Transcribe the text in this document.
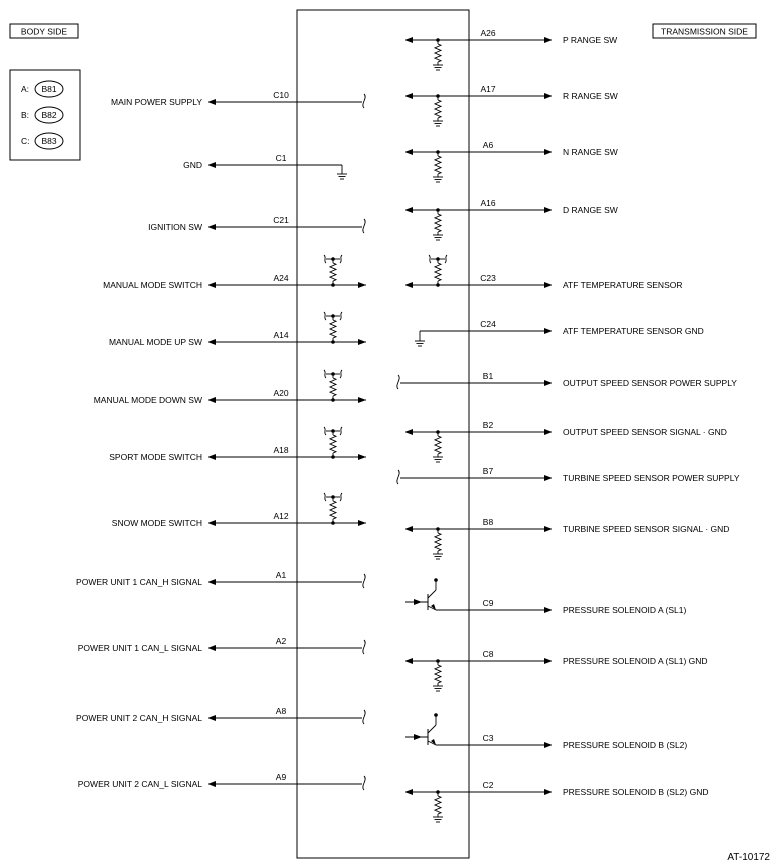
BODY SIDE	TRANSMISSION SIDE
A: B81
B: B82
C: B83
MAIN POWER SUPPLY
C10
GND
C1
IGNITION SW
C21
MANUAL MODE SWITCH
A24
MANUAL MODE UP SW
A14
MANUAL MODE DOWN SW
A20
SPORT MODE SWITCH
A18
SNOW MODE SWITCH
A12
POWER UNIT 1 CAN_H SIGNAL
A1
POWER UNIT 1 CAN_L SIGNAL
A2
POWER UNIT 2 CAN_H SIGNAL
A8
POWER UNIT 2 CAN_L SIGNAL
A9
P RANGE SW
A26
R RANGE SW
A17
N RANGE SW
A6
D RANGE SW
A16
ATF TEMPERATURE SENSOR
C23
ATF TEMPERATURE SENSOR GND
C24
OUTPUT SPEED SENSOR POWER SUPPLY
B1
OUTPUT SPEED SENSOR SIGNAL · GND
B2
TURBINE SPEED SENSOR POWER SUPPLY
B7
TURBINE SPEED SENSOR SIGNAL · GND
B8
PRESSURE SOLENOID A (SL1)
C9
PRESSURE SOLENOID A (SL1) GND
C8
PRESSURE SOLENOID B (SL2)
C3
PRESSURE SOLENOID B (SL2) GND
C2
AT-10172
